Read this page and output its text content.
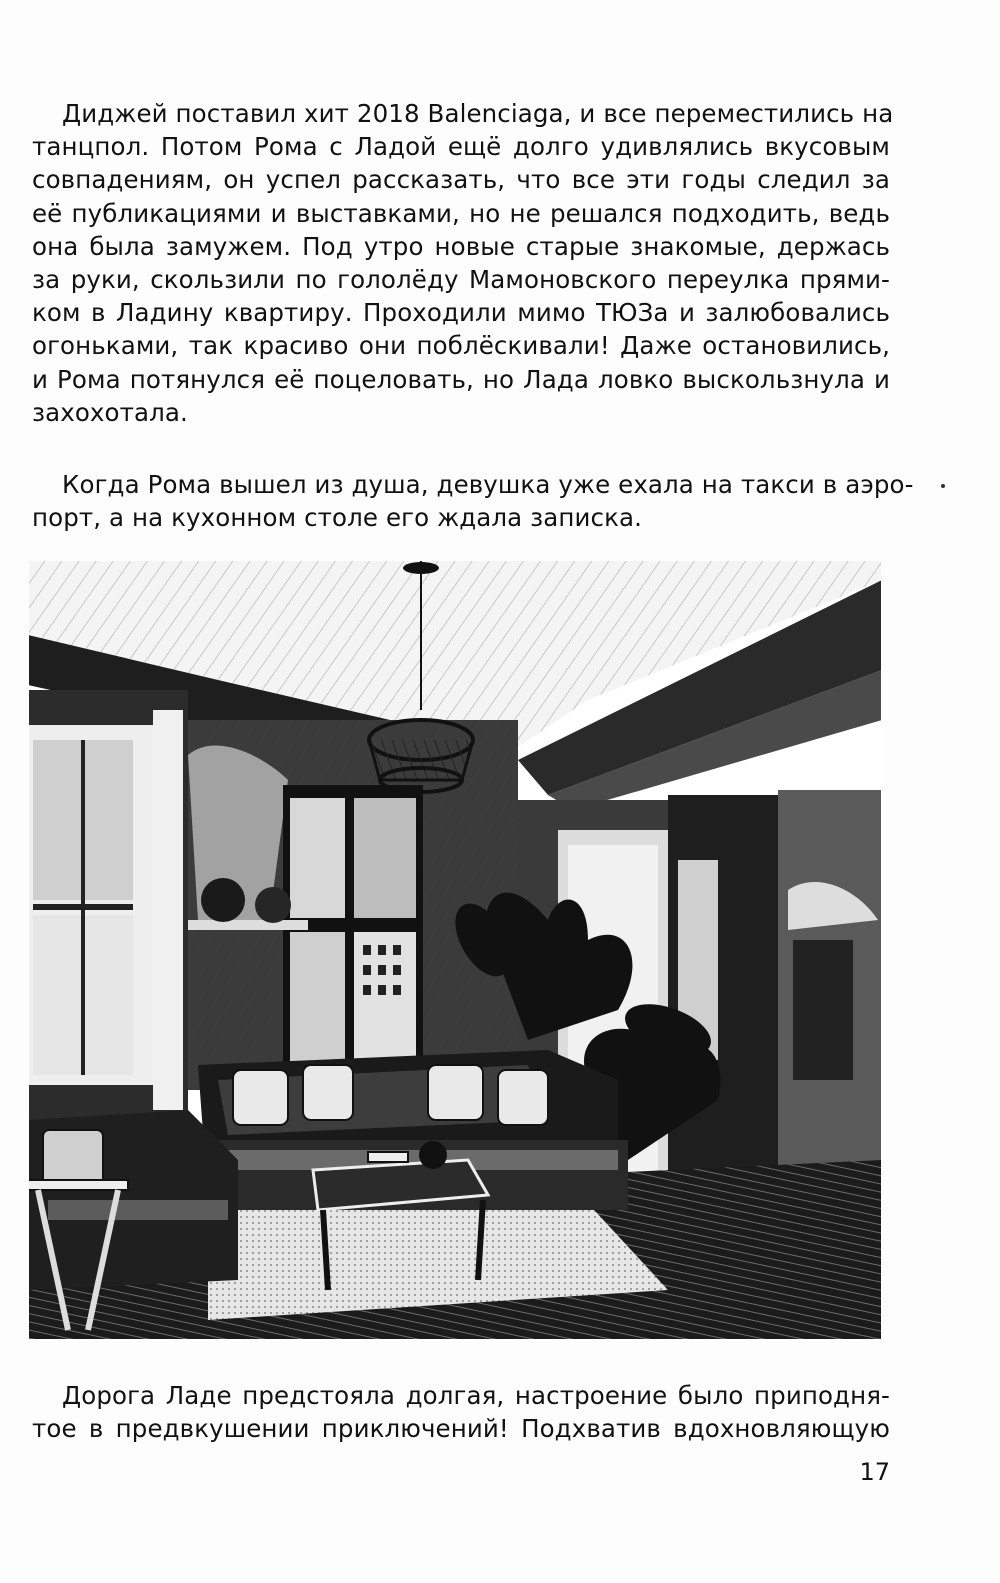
Диджей поставил хит 2018 Balenciaga, и все переместились на
танцпол. Потом Рома с Ладой ещё долго удивлялись вкусовым
совпадениям, он успел рассказать, что все эти годы следил за
её публикациями и выставками, но не решался подходить, ведь
она была замужем. Под утро новые старые знакомые, держась
за руки, скользили по гололёду Мамоновского переулка прями-
ком в Ладину квартиру. Проходили мимо ТЮЗа и залюбовались
огоньками, так красиво они поблёскивали! Даже остановились,
и Рома потянулся её поцеловать, но Лада ловко выскользнула и
захохотала.

Когда Рома вышел из душа, девушка уже ехала на такси в аэро-
порт, а на кухонном столе его ждала записка.

Дорога Ладе предстояла долгая, настроение было приподня-
тое в предвкушении приключений! Подхватив вдохновляющую

17
